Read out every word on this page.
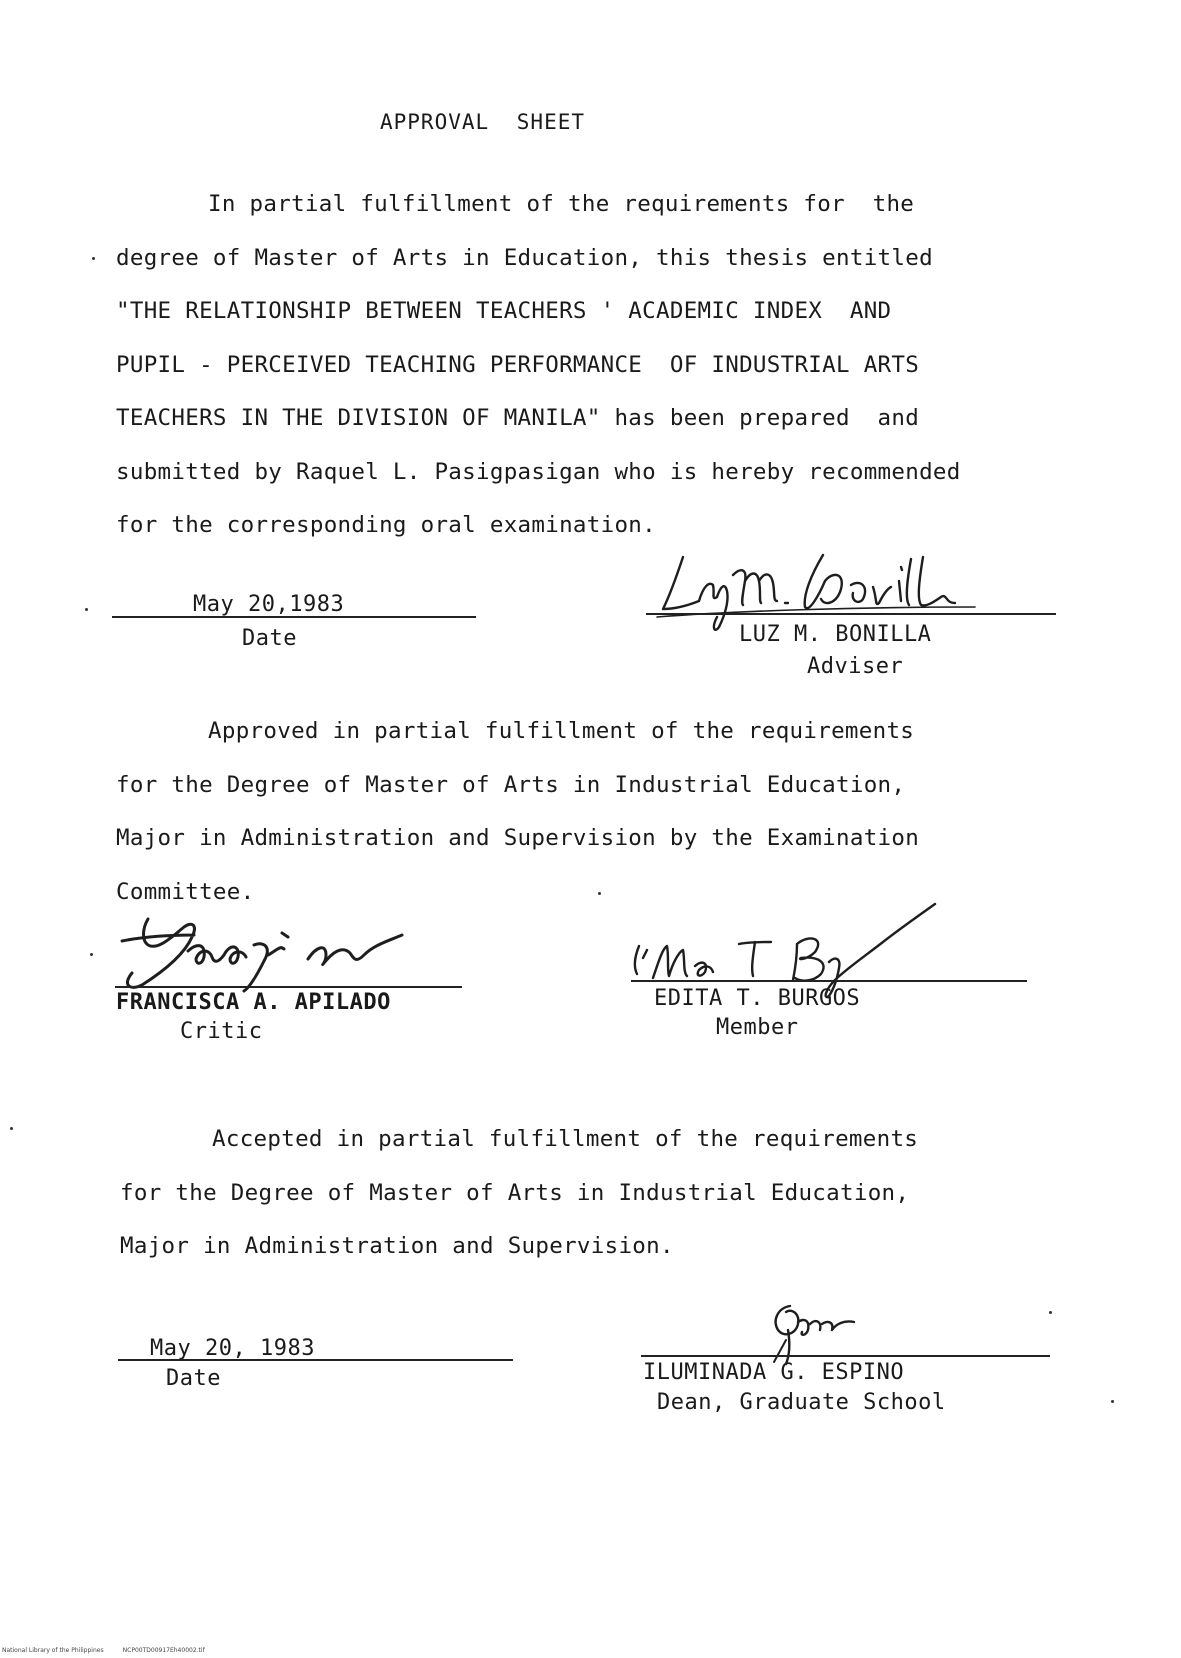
APPROVAL SHEET
In partial fulfillment of the requirements for  the
degree of Master of Arts in Education, this thesis entitled
"THE RELATIONSHIP BETWEEN TEACHERS ' ACADEMIC INDEX  AND
PUPIL - PERCEIVED TEACHING PERFORMANCE  OF INDUSTRIAL ARTS
TEACHERS IN THE DIVISION OF MANILA" has been prepared  and
submitted by Raquel L. Pasigpasigan who is hereby recommended
for the corresponding oral examination.
May 20,1983
Date	LUZ M. BONILLA
Adviser
Approved in partial fulfillment of the requirements
for the Degree of Master of Arts in Industrial Education,
Major in Administration and Supervision by the Examination
Committee.
FRANCISCA A. APILADO
Critic
EDITA T. BURGOS
Member
Accepted in partial fulfillment of the requirements
for the Degree of Master of Arts in Industrial Education,
Major in Administration and Supervision.
May 20, 1983
Date	ILUMINADA G. ESPINO
Dean, Graduate School
National Library of the Philippines	NCP00TD00917Eh40002.tif
